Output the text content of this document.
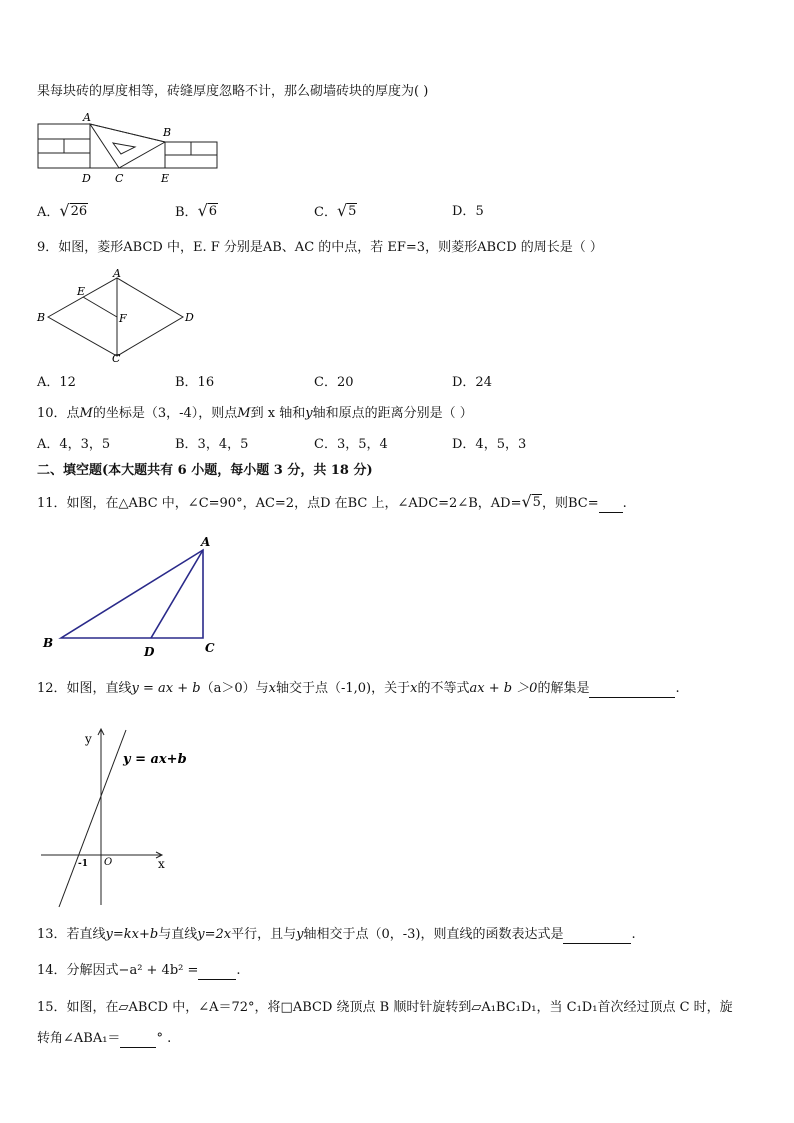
果每块砖的厚度相等，砖缝厚度忽略不计，那么砌墙砖块的厚度为( )
A
B
C
D	E
A． √ 26	B． √ 6	C． √ 5	D．5
9．如图，菱形ABCD 中，E. F 分别是AB、AC 的中点，若 EF=3，则菱形ABCD 的周长是（ ）
A
B
C
D
E
F
A．12	B．16	C．20	D．24
10．点M的坐标是（3，-4），则点M到 x 轴和y轴和原点的距离分别是（ ）
A．4，3，5	B．3，4，5	C．3，5，4	D．4，5，3
二、填空题(本大题共有 6 小题，每小题 3 分，共 18 分)
11．如图，在△ABC 中，∠C=90°，AC=2，点D 在BC 上，∠ADC=2∠B，AD= √ 5 ，则BC= .
A
B	C
D
12．如图，直线y = ax + b（a＞0）与x轴交于点（-1,0)，关于x的不等式ax + b ＞0的解集是	.
y
x
O
-1
y = ax+b
13．若直线y=kx+b与直线y=2x平行，且与y轴相交于点（0，-3)，则直线的函数表达式是	.
14．分解因式−a² + 4b² =	.
15．如图，在▱ABCD 中，∠A＝72°，将□ABCD 绕顶点 B 顺时针旋转到▱A₁BC₁D₁，当 C₁D₁首次经过顶点 C 时，旋
转角∠ABA₁＝	° .
